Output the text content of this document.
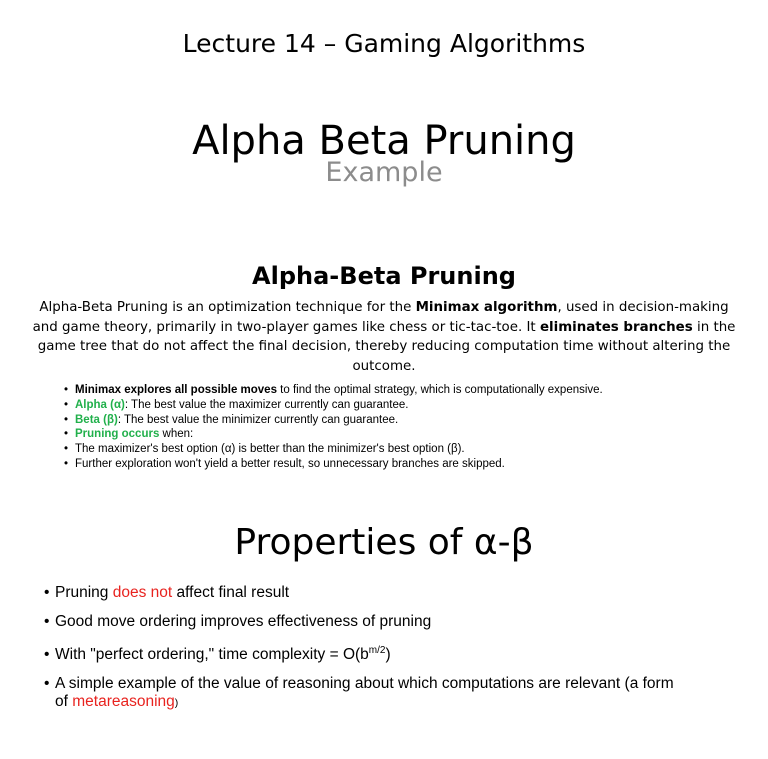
Lecture 14 – Gaming Algorithms
Alpha Beta Pruning
Example
Alpha-Beta Pruning
Alpha-Beta Pruning is an optimization technique for the Minimax algorithm, used in decision-making and game theory, primarily in two-player games like chess or tic-tac-toe. It eliminates branches in the game tree that do not affect the final decision, thereby reducing computation time without altering the outcome.
• Minimax explores all possible moves to find the optimal strategy, which is computationally expensive.
• Alpha (α): The best value the maximizer currently can guarantee.
• Beta (β): The best value the minimizer currently can guarantee.
• Pruning occurs when:
• The maximizer's best option (α) is better than the minimizer's best option (β).
• Further exploration won't yield a better result, so unnecessary branches are skipped.
Properties of α-β
• Pruning does not affect final result
• Good move ordering improves effectiveness of pruning
• With "perfect ordering," time complexity = $O(b^{m/2})$
• A simple example of the value of reasoning about which computations are relevant (a form
of metareasoning)
